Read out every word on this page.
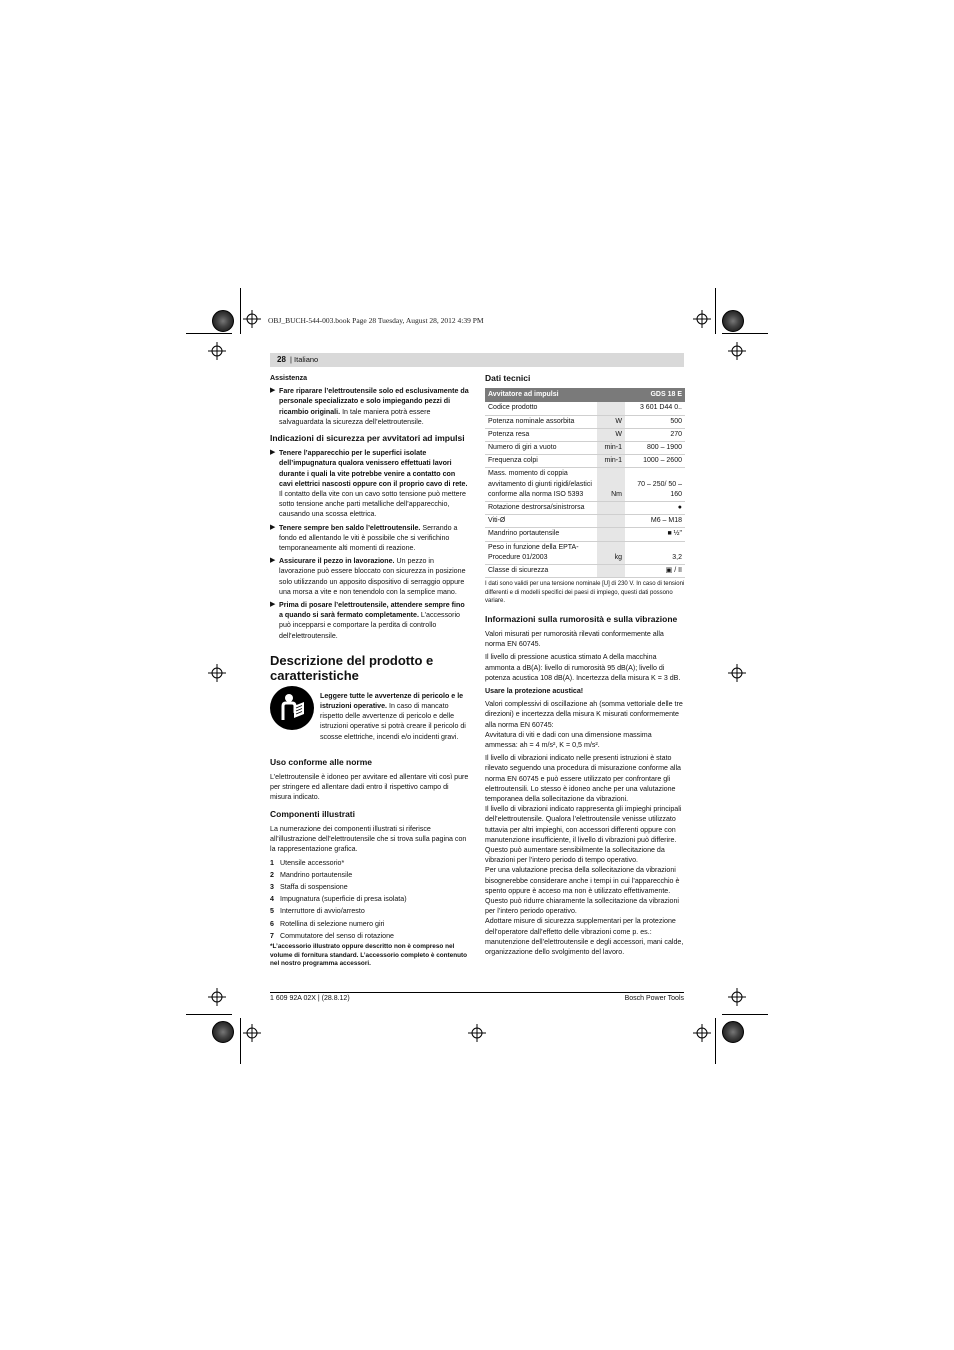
OBJ_BUCH-544-003.book Page 28 Tuesday, August 28, 2012 4:39 PM
28 | Italiano

Assistenza

▶ Fare riparare l’elettroutensile solo ed esclusivamente da personale specializzato e solo impiegando pezzi di ricambio originali. In tale maniera potrà essere salvaguardata la sicurezza dell’elettroutensile.

Indicazioni di sicurezza per avvitatori ad impulsi

▶ Tenere l’apparecchio per le superfici isolate dell’impugnatura qualora venissero effettuati lavori durante i quali la vite potrebbe venire a contatto con cavi elettrici nascosti oppure con il proprio cavo di rete. Il contatto della vite con un cavo sotto tensione può mettere sotto tensione anche parti metalliche dell’apparecchio, causando una scossa elettrica.
▶ Tenere sempre ben saldo l’elettroutensile. Serrando a fondo ed allentando le viti è possibile che si verifichino temporaneamente alti momenti di reazione.
▶ Assicurare il pezzo in lavorazione. Un pezzo in lavorazione può essere bloccato con sicurezza in posizione solo utilizzando un apposito dispositivo di serraggio oppure una morsa a vite e non tenendolo con la semplice mano.
▶ Prima di posare l’elettroutensile, attendere sempre fino a quando si sarà fermato completamente. L’accessorio può incepparsi e comportare la perdita di controllo dell’elettroutensile.

Descrizione del prodotto e caratteristiche

Leggere tutte le avvertenze di pericolo e le istruzioni operative. In caso di mancato rispetto delle avvertenze di pericolo e delle istruzioni operative si potrà creare il pericolo di scosse elettriche, incendi e/o incidenti gravi.

Uso conforme alle norme

L’elettroutensile è idoneo per avvitare ed allentare viti così pure per stringere ed allentare dadi entro il rispettivo campo di misura indicato.

Componenti illustrati

La numerazione dei componenti illustrati si riferisce all’illustrazione dell’elettroutensile che si trova sulla pagina con la rappresentazione grafica.

1 Utensile accessorio*
2 Mandrino portautensile
3 Staffa di sospensione
4 Impugnatura (superficie di presa isolata)
5 Interruttore di avvio/arresto
6 Rotellina di selezione numero giri
7 Commutatore del senso di rotazione

*L’accessorio illustrato oppure descritto non è compreso nel volume di fornitura standard. L’accessorio completo è contenuto nel nostro programma accessori.

Dati tecnici

Avvitatore ad impulsi		GDS 18 E
Codice prodotto		3 601 D44 0..
Potenza nominale assorbita	W	500
Potenza resa	W	270
Numero di giri a vuoto	min-1	800 – 1900
Frequenza colpi	min-1	1000 – 2600
Mass. momento di coppia avvitamento di giunti rigidi/elastici conforme alla norma ISO 5393	Nm	70 – 250/ 50 – 160
Rotazione destrorsa/sinistrorsa		●
Viti-Ø		M6 – M18
Mandrino portautensile		■ ½"
Peso in funzione della EPTA-Procedure 01/2003	kg	3,2
Classe di sicurezza		▣ / II

I dati sono validi per una tensione nominale [U] di 230 V. In caso di tensioni differenti e di modelli specifici dei paesi di impiego, questi dati possono variare.

Informazioni sulla rumorosità e sulla vibrazione

Valori misurati per rumorosità rilevati conformemente alla norma EN 60745.

Il livello di pressione acustica stimato A della macchina ammonta a dB(A): livello di rumorosità 95 dB(A); livello di potenza acustica 108 dB(A). Incertezza della misura K = 3 dB.

Usare la protezione acustica!

Valori complessivi di oscillazione ah (somma vettoriale delle tre direzioni) e incertezza della misura K misurati conformemente alla norma EN 60745:

Avvitatura di viti e dadi con una dimensione massima ammessa: ah = 4 m/s², K = 0,5 m/s².

Il livello di vibrazioni indicato nelle presenti istruzioni è stato rilevato seguendo una procedura di misurazione conforme alla norma EN 60745 e può essere utilizzato per confrontare gli elettroutensili. Lo stesso è idoneo anche per una valutazione temporanea della sollecitazione da vibrazioni.

Il livello di vibrazioni indicato rappresenta gli impieghi principali dell’elettroutensile. Qualora l’elettroutensile venisse utilizzato tuttavia per altri impieghi, con accessori differenti oppure con manutenzione insufficiente, il livello di vibrazioni può differire. Questo può aumentare sensibilmente la sollecitazione da vibrazioni per l’intero periodo di tempo operativo.

Per una valutazione precisa della sollecitazione da vibrazioni bisognerebbe considerare anche i tempi in cui l’apparecchio è spento oppure è acceso ma non è utilizzato effettivamente. Questo può ridurre chiaramente la sollecitazione da vibrazioni per l’intero periodo operativo.

Adottare misure di sicurezza supplementari per la protezione dell’operatore dall’effetto delle vibrazioni come p. es.: manutenzione dell’elettroutensile e degli accessori, mani calde, organizzazione dello svolgimento del lavoro.

1 609 92A 02X | (28.8.12)	Bosch Power Tools
